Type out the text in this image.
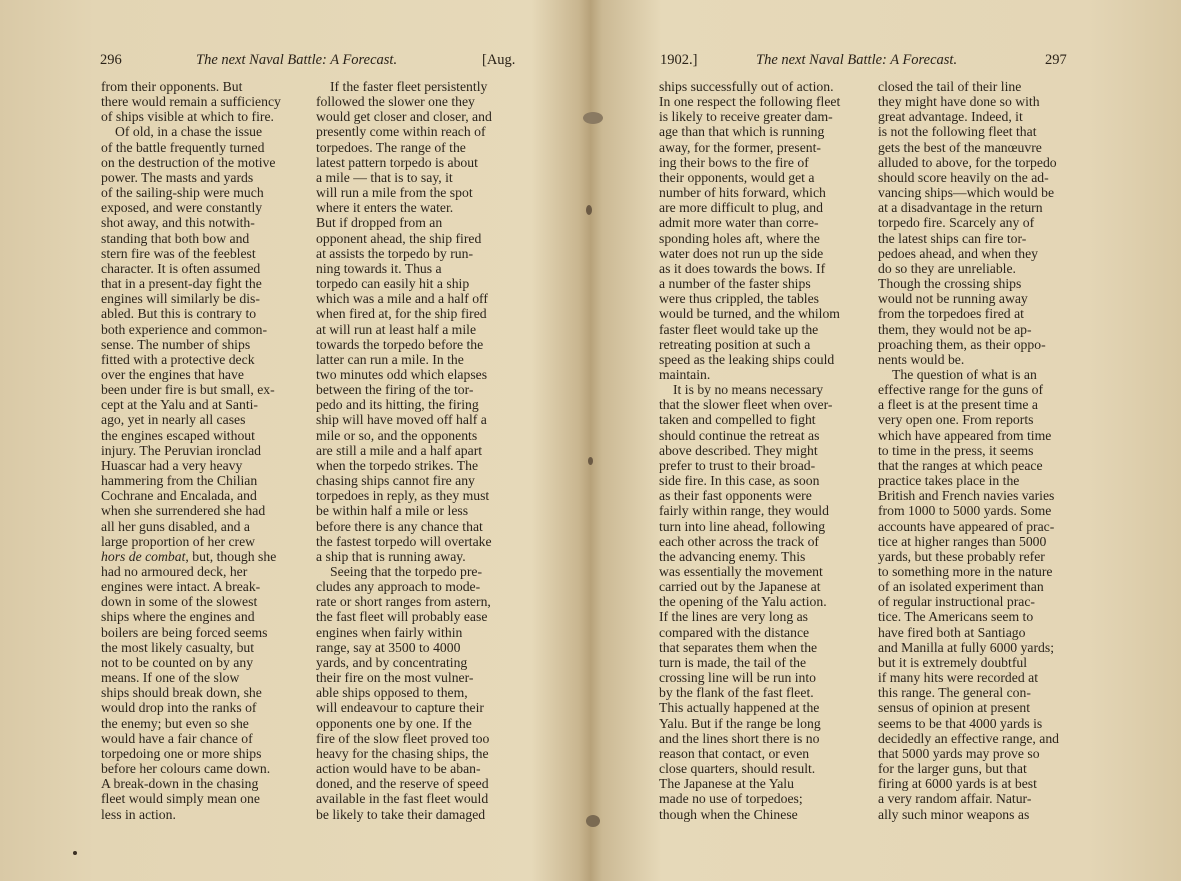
296	The next Naval Battle: A Forecast.	[Aug.

from their opponents. But
there would remain a sufficiency
of ships visible at which to fire.

Of old, in a chase the issue
of the battle frequently turned
on the destruction of the motive
power. The masts and yards
of the sailing-ship were much
exposed, and were constantly
shot away, and this notwith-
standing that both bow and
stern fire was of the feeblest
character. It is often assumed
that in a present-day fight the
engines will similarly be dis-
abled. But this is contrary to
both experience and common-
sense. The number of ships
fitted with a protective deck
over the engines that have
been under fire is but small, ex-
cept at the Yalu and at Santi-
ago, yet in nearly all cases
the engines escaped without
injury. The Peruvian ironclad
Huascar had a very heavy
hammering from the Chilian
Cochrane and Encalada, and
when she surrendered she had
all her guns disabled, and a
large proportion of her crew
hors de combat, but, though she
had no armoured deck, her
engines were intact. A break-
down in some of the slowest
ships where the engines and
boilers are being forced seems
the most likely casualty, but
not to be counted on by any
means. If one of the slow
ships should break down, she
would drop into the ranks of
the enemy; but even so she
would have a fair chance of
torpedoing one or more ships
before her colours came down.
A break-down in the chasing
fleet would simply mean one
less in action.

If the faster fleet persistently
followed the slower one they
would get closer and closer, and
presently come within reach of
torpedoes. The range of the
latest pattern torpedo is about
a mile — that is to say, it
will run a mile from the spot
where it enters the water.
But if dropped from an
opponent ahead, the ship fired
at assists the torpedo by run-
ning towards it. Thus a
torpedo can easily hit a ship
which was a mile and a half off
when fired at, for the ship fired
at will run at least half a mile
towards the torpedo before the
latter can run a mile. In the
two minutes odd which elapses
between the firing of the tor-
pedo and its hitting, the firing
ship will have moved off half a
mile or so, and the opponents
are still a mile and a half apart
when the torpedo strikes. The
chasing ships cannot fire any
torpedoes in reply, as they must
be within half a mile or less
before there is any chance that
the fastest torpedo will overtake
a ship that is running away.

Seeing that the torpedo pre-
cludes any approach to mode-
rate or short ranges from astern,
the fast fleet will probably ease
engines when fairly within
range, say at 3500 to 4000
yards, and by concentrating
their fire on the most vulner-
able ships opposed to them,
will endeavour to capture their
opponents one by one. If the
fire of the slow fleet proved too
heavy for the chasing ships, the
action would have to be aban-
doned, and the reserve of speed
available in the fast fleet would
be likely to take their damaged

1902.]	The next Naval Battle: A Forecast.	297

ships successfully out of action.
In one respect the following fleet
is likely to receive greater dam-
age than that which is running
away, for the former, present-
ing their bows to the fire of
their opponents, would get a
number of hits forward, which
are more difficult to plug, and
admit more water than corre-
sponding holes aft, where the
water does not run up the side
as it does towards the bows. If
a number of the faster ships
were thus crippled, the tables
would be turned, and the whilom
faster fleet would take up the
retreating position at such a
speed as the leaking ships could
maintain.

It is by no means necessary
that the slower fleet when over-
taken and compelled to fight
should continue the retreat as
above described. They might
prefer to trust to their broad-
side fire. In this case, as soon
as their fast opponents were
fairly within range, they would
turn into line ahead, following
each other across the track of
the advancing enemy. This
was essentially the movement
carried out by the Japanese at
the opening of the Yalu action.
If the lines are very long as
compared with the distance
that separates them when the
turn is made, the tail of the
crossing line will be run into
by the flank of the fast fleet.
This actually happened at the
Yalu. But if the range be long
and the lines short there is no
reason that contact, or even
close quarters, should result.
The Japanese at the Yalu
made no use of torpedoes;
though when the Chinese

closed the tail of their line
they might have done so with
great advantage. Indeed, it
is not the following fleet that
gets the best of the manœuvre
alluded to above, for the torpedo
should score heavily on the ad-
vancing ships—which would be
at a disadvantage in the return
torpedo fire. Scarcely any of
the latest ships can fire tor-
pedoes ahead, and when they
do so they are unreliable.
Though the crossing ships
would not be running away
from the torpedoes fired at
them, they would not be ap-
proaching them, as their oppo-
nents would be.

The question of what is an
effective range for the guns of
a fleet is at the present time a
very open one. From reports
which have appeared from time
to time in the press, it seems
that the ranges at which peace
practice takes place in the
British and French navies varies
from 1000 to 5000 yards. Some
accounts have appeared of prac-
tice at higher ranges than 5000
yards, but these probably refer
to something more in the nature
of an isolated experiment than
of regular instructional prac-
tice. The Americans seem to
have fired both at Santiago
and Manilla at fully 6000 yards;
but it is extremely doubtful
if many hits were recorded at
this range. The general con-
sensus of opinion at present
seems to be that 4000 yards is
decidedly an effective range, and
that 5000 yards may prove so
for the larger guns, but that
firing at 6000 yards is at best
a very random affair. Natur-
ally such minor weapons as
